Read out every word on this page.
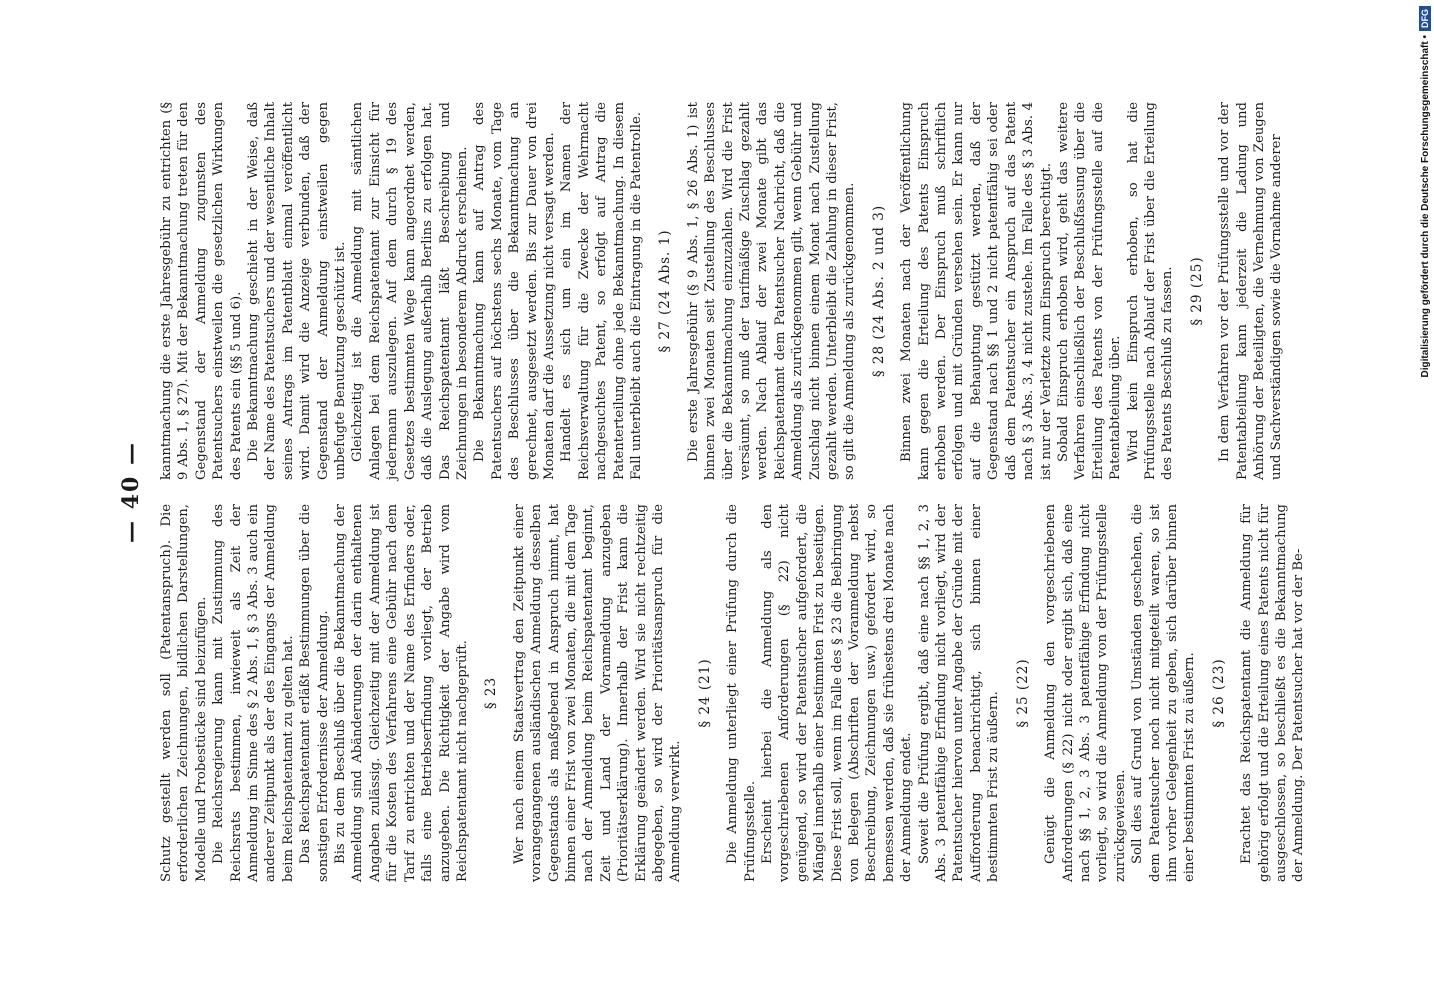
— 40 —

Schutz gestellt werden soll (Patentanspruch). Die erforderlichen Zeichnungen, bildlichen Darstellungen, Modelle und Probestücke sind beizufügen. Die Reichsregierung kann mit Zustimmung des Reichsrats bestimmen, inwieweit als Zeit der Anmeldung im Sinne des § 2 Abs. 1, § 3 Abs. 3 auch ein anderer Zeitpunkt als der des Eingangs der Anmeldung beim Reichspatentamt zu gelten hat. Das Reichspatentamt erläßt Bestimmungen über die sonstigen Erfordernisse der Anmeldung. Bis zu dem Beschluß über die Bekanntmachung der Anmeldung sind Abänderungen der darin enthaltenen Angaben zulässig. Gleichzeitig mit der Anmeldung ist für die Kosten des Verfahrens eine Gebühr nach dem Tarif zu entrichten und der Name des Erfinders oder, falls eine Betriebserfindung vorliegt, der Betrieb anzugeben. Die Richtigkeit der Angabe wird vom Reichspatentamt nicht nachgeprüft. § 23 Wer nach einem Staatsvertrag den Zeitpunkt einer vorangegangenen ausländischen Anmeldung desselben Gegenstands als maßgebend in Anspruch nimmt, hat binnen einer Frist von zwei Monaten, die mit dem Tage nach der Anmeldung beim Reichspatentamt beginnt, Zeit und Land der Voranmeldung anzugeben (Prioritätserklärung). Innerhalb der Frist kann die Erklärung geändert werden. Wird sie nicht rechtzeitig abgegeben, so wird der Prioritätsanspruch für die Anmeldung verwirkt.

§ 24 (21) Die Anmeldung unterliegt einer Prüfung durch die Prüfungsstelle. Erscheint hierbei die Anmeldung als den vorgeschriebenen Anforderungen (§ 22) nicht genügend, so wird der Patentsucher aufgefordert, die Mängel innerhalb einer bestimmten Frist zu beseitigen. Diese Frist soll, wenn im Falle des § 23 die Beibringung von Belegen (Abschriften der Voranmeldung nebst Beschreibung, Zeichnungen usw.) gefordert wird, so bemessen werden, daß sie frühestens drei Monate nach der Anmeldung endet. Soweit die Prüfung ergibt, daß eine nach §§ 1, 2, 3 Abs. 3 patentfähige Erfindung nicht vorliegt, wird der Patentsucher hiervon unter Angabe der Gründe mit der Aufforderung benachrichtigt, sich binnen einer bestimmten Frist zu äußern. § 25 (22) Genügt die Anmeldung den vorgeschriebenen Anforderungen (§ 22) nicht oder ergibt sich, daß eine nach §§ 1, 2, 3 Abs. 3 patentfähige Erfindung nicht vorliegt, so wird die Anmeldung von der Prüfungsstelle zurückgewiesen. Soll dies auf Grund von Umständen geschehen, die dem Patentsucher noch nicht mitgeteilt waren, so ist ihm vorher Gelegenheit zu geben, sich darüber binnen einer bestimmten Frist zu äußern. § 26 (23) Erachtet das Reichspatentamt die Anmeldung für gehörig erfolgt und die Erteilung eines Patents nicht für ausgeschlossen, so beschließt es die Bekanntmachung der Anmeldung. Der Patentsucher hat vor der Be-

kanntmachung die erste Jahresgebühr zu entrichten (§ 9 Abs. 1, § 27). Mit der Bekanntmachung treten für den Gegenstand der Anmeldung zugunsten des Patentsuchers einstweilen die gesetzlichen Wirkungen des Patents ein (§§ 5 und 6). Die Bekanntmachung geschieht in der Weise, daß der Name des Patentsuchers und der wesentliche Inhalt seines Antrags im Patentblatt einmal veröffentlicht wird. Damit wird die Anzeige verbunden, daß der Gegenstand der Anmeldung einstweilen gegen unbefugte Benutzung geschützt ist. Gleichzeitig ist die Anmeldung mit sämtlichen Anlagen bei dem Reichspatentamt zur Einsicht für jedermann auszulegen. Auf dem durch § 19 des Gesetzes bestimmten Wege kann angeordnet werden, daß die Auslegung außerhalb Berlins zu erfolgen hat. Das Reichspatentamt läßt Beschreibung und Zeichnungen in besonderem Abdruck erscheinen. Die Bekanntmachung kann auf Antrag des Patentsuchers auf höchstens sechs Monate, vom Tage des Beschlusses über die Bekanntmachung an gerechnet, ausgesetzt werden. Bis zur Dauer von drei Monaten darf die Aussetzung nicht versagt werden. Handelt es sich um ein im Namen der Reichsverwaltung für die Zwecke der Wehrmacht nachgesuchtes Patent, so erfolgt auf Antrag die Patenterteilung ohne jede Bekanntmachung. In diesem Fall unterbleibt auch die Eintragung in die Patentrolle. § 27 (24 Abs. 1) Die erste Jahresgebühr (§ 9 Abs. 1, § 26 Abs. 1) ist binnen zwei Monaten seit Zustellung des Beschlusses über die Bekanntmachung einzuzahlen. Wird die Frist versäumt, so muß der tarifmäßige Zuschlag gezahlt werden. Nach Ablauf der zwei Monate gibt das Reichspatentamt dem Patentsucher Nachricht, daß die Anmeldung als zurückgenommen gilt, wenn Gebühr und Zuschlag nicht binnen einem Monat nach Zustellung gezahlt werden. Unterbleibt die Zahlung in dieser Frist, so gilt die Anmeldung als zurückgenommen. § 28 (24 Abs. 2 und 3) Binnen zwei Monaten nach der Veröffentlichung kann gegen die Erteilung des Patents Einspruch erhoben werden. Der Einspruch muß schriftlich erfolgen und mit Gründen versehen sein. Er kann nur auf die Behauptung gestützt werden, daß der Gegenstand nach §§ 1 und 2 nicht patentfähig sei oder daß dem Patentsucher ein Anspruch auf das Patent nach § 3 Abs. 3, 4 nicht zustehe. Im Falle des § 3 Abs. 4 ist nur der Verletzte zum Einspruch berechtigt. Sobald Einspruch erhoben wird, geht das weitere Verfahren einschließlich der Beschlußfassung über die Erteilung des Patents von der Prüfungsstelle auf die Patentabteilung über. Wird kein Einspruch erhoben, so hat die Prüfungsstelle nach Ablauf der Frist über die Erteilung des Patents Beschluß zu fassen. § 29 (25) In dem Verfahren vor der Prüfungsstelle und vor der Patentabteilung kann jederzeit die Ladung und Anhörung der Beteiligten, die Vernehmung von Zeugen und Sachverständigen sowie die Vornahme anderer	Digitalisierung gefördert durch die Deutsche Forschungsgemeinschaft •
DFG
